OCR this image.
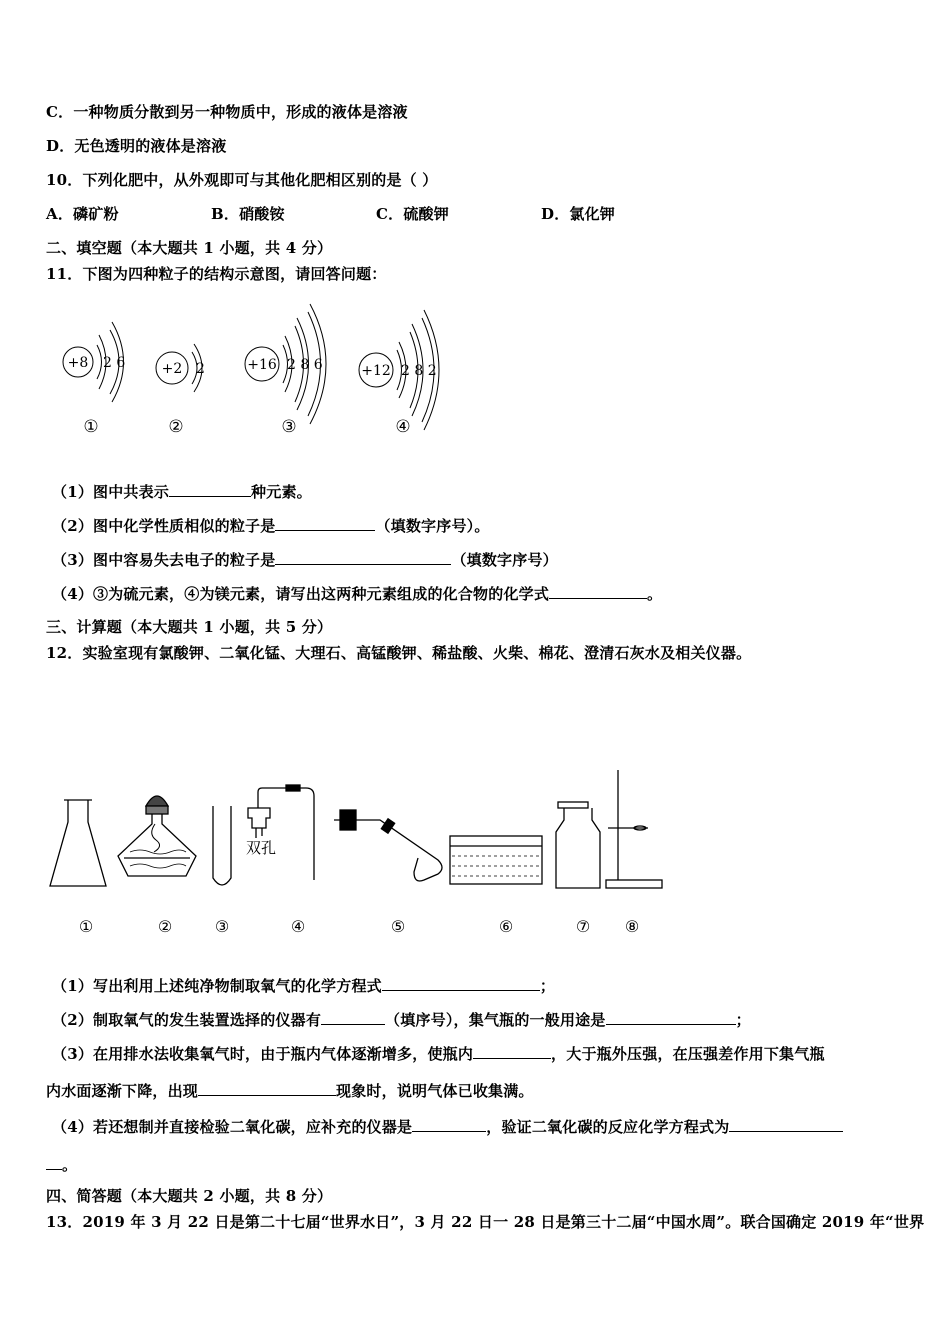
C．一种物质分散到另一种物质中，形成的液体是溶液
D．无色透明的液体是溶液
10．下列化肥中，从外观即可与其他化肥相区别的是（ ）
A．磷矿粉	B．硝酸铵	C．硫酸钾	D．氯化钾
二、填空题（本大题共 1 小题，共 4 分）
11．下图为四种粒子的结构示意图，请回答问题：
+8 2 6	+2 2	+16 2 8 6	+12 2 8 2
①	②	③	④
（1）图中共表示	种元素。
（2）图中化学性质相似的粒子是	（填数字序号）。
（3）图中容易失去电子的粒子是	（填数字序号）
（4）③为硫元素，④为镁元素，请写出这两种元素组成的化合物的化学式	。
三、计算题（本大题共 1 小题，共 5 分）
12．实验室现有氯酸钾、二氧化锰、大理石、高锰酸钾、稀盐酸、火柴、棉花、澄清石灰水及相关仪器。
双孔
①	②	③	④	⑤	⑥	⑦ ⑧
（1）写出利用上述纯净物制取氧气的化学方程式	；
（2）制取氧气的发生装置选择的仪器有	（填序号），集气瓶的一般用途是	；
（3）在用排水法收集氧气时，由于瓶内气体逐渐增多，使瓶内	，大于瓶外压强，在压强差作用下集气瓶
内水面逐渐下降，出现	现象时，说明气体已收集满。
（4）若还想制并直接检验二氧化碳，应补充的仪器是	，验证二氧化碳的反应化学方程式为
。
四、简答题（本大题共 2 小题，共 8 分）
13．2019 年 3 月 22 日是第二十七届“世界水日”，3 月 22 日一 28 日是第三十二届“中国水周”。联合国确定 2019 年“世界
